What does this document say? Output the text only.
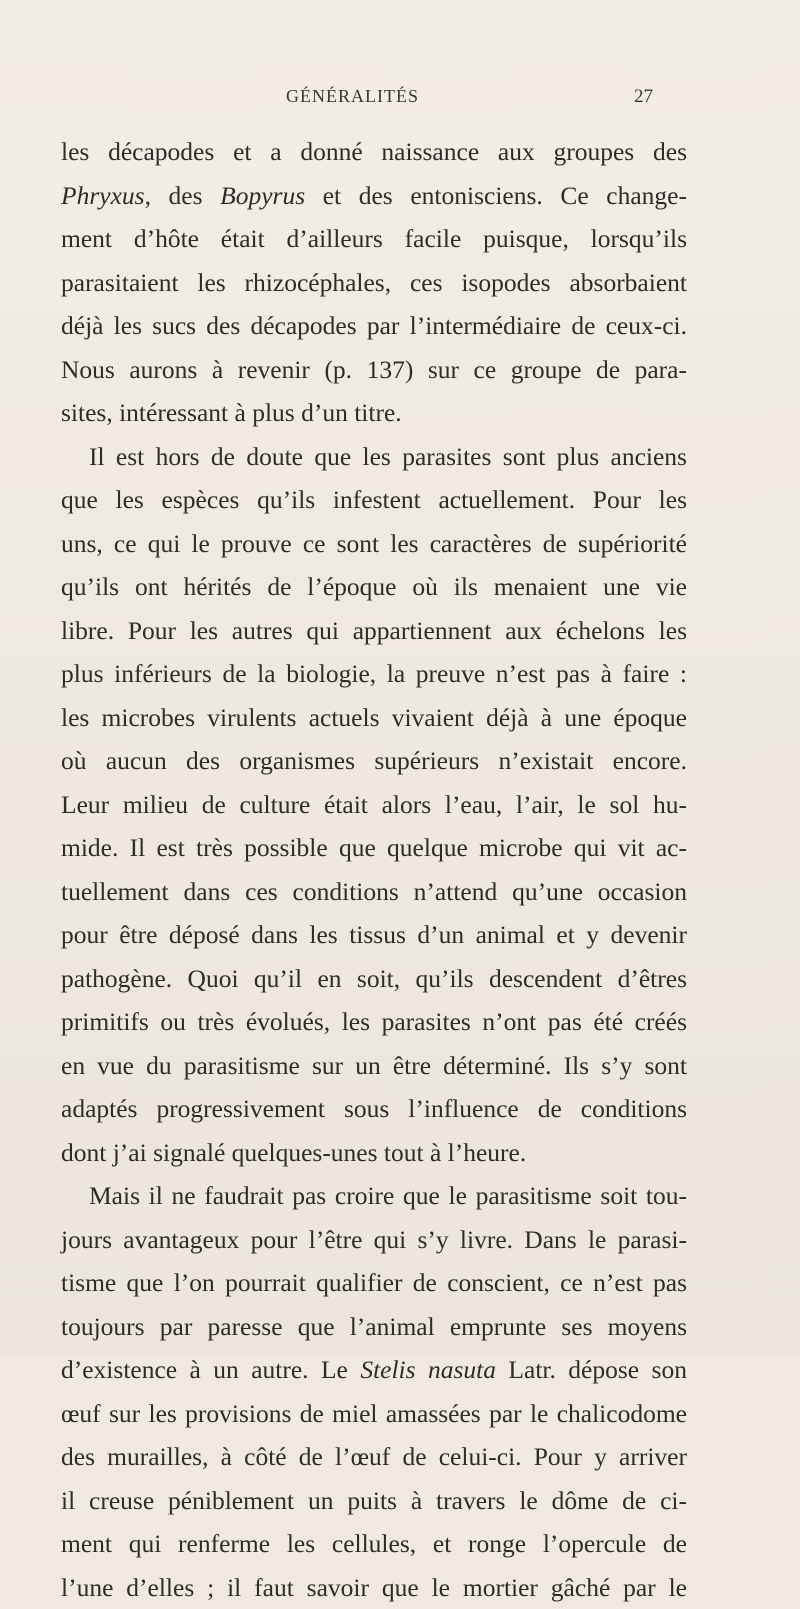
GÉNÉRALITÉS	27
les décapodes et a donné naissance aux groupes des
Phryxus, des Bopyrus et des entonisciens. Ce change-
ment d’hôte était d’ailleurs facile puisque, lorsqu’ils
parasitaient les rhizocéphales, ces isopodes absorbaient
déjà les sucs des décapodes par l’intermédiaire de ceux-ci.
Nous aurons à revenir (p. 137) sur ce groupe de para-
sites, intéressant à plus d’un titre.
Il est hors de doute que les parasites sont plus anciens
que les espèces qu’ils infestent actuellement. Pour les
uns, ce qui le prouve ce sont les caractères de supériorité
qu’ils ont hérités de l’époque où ils menaient une vie
libre. Pour les autres qui appartiennent aux échelons les
plus inférieurs de la biologie, la preuve n’est pas à faire :
les microbes virulents actuels vivaient déjà à une époque
où aucun des organismes supérieurs n’existait encore.
Leur milieu de culture était alors l’eau, l’air, le sol hu-
mide. Il est très possible que quelque microbe qui vit ac-
tuellement dans ces conditions n’attend qu’une occasion
pour être déposé dans les tissus d’un animal et y devenir
pathogène. Quoi qu’il en soit, qu’ils descendent d’êtres
primitifs ou très évolués, les parasites n’ont pas été créés
en vue du parasitisme sur un être déterminé. Ils s’y sont
adaptés progressivement sous l’influence de conditions
dont j’ai signalé quelques-unes tout à l’heure.
Mais il ne faudrait pas croire que le parasitisme soit tou-
jours avantageux pour l’être qui s’y livre. Dans le parasi-
tisme que l’on pourrait qualifier de conscient, ce n’est pas
toujours par paresse que l’animal emprunte ses moyens
d’existence à un autre. Le Stelis nasuta Latr. dépose son
œuf sur les provisions de miel amassées par le chalicodome
des murailles, à côté de l’œuf de celui-ci. Pour y arriver
il creuse péniblement un puits à travers le dôme de ci-
ment qui renferme les cellules, et ronge l’opercule de
l’une d’elles ; il faut savoir que le mortier gâché par le
